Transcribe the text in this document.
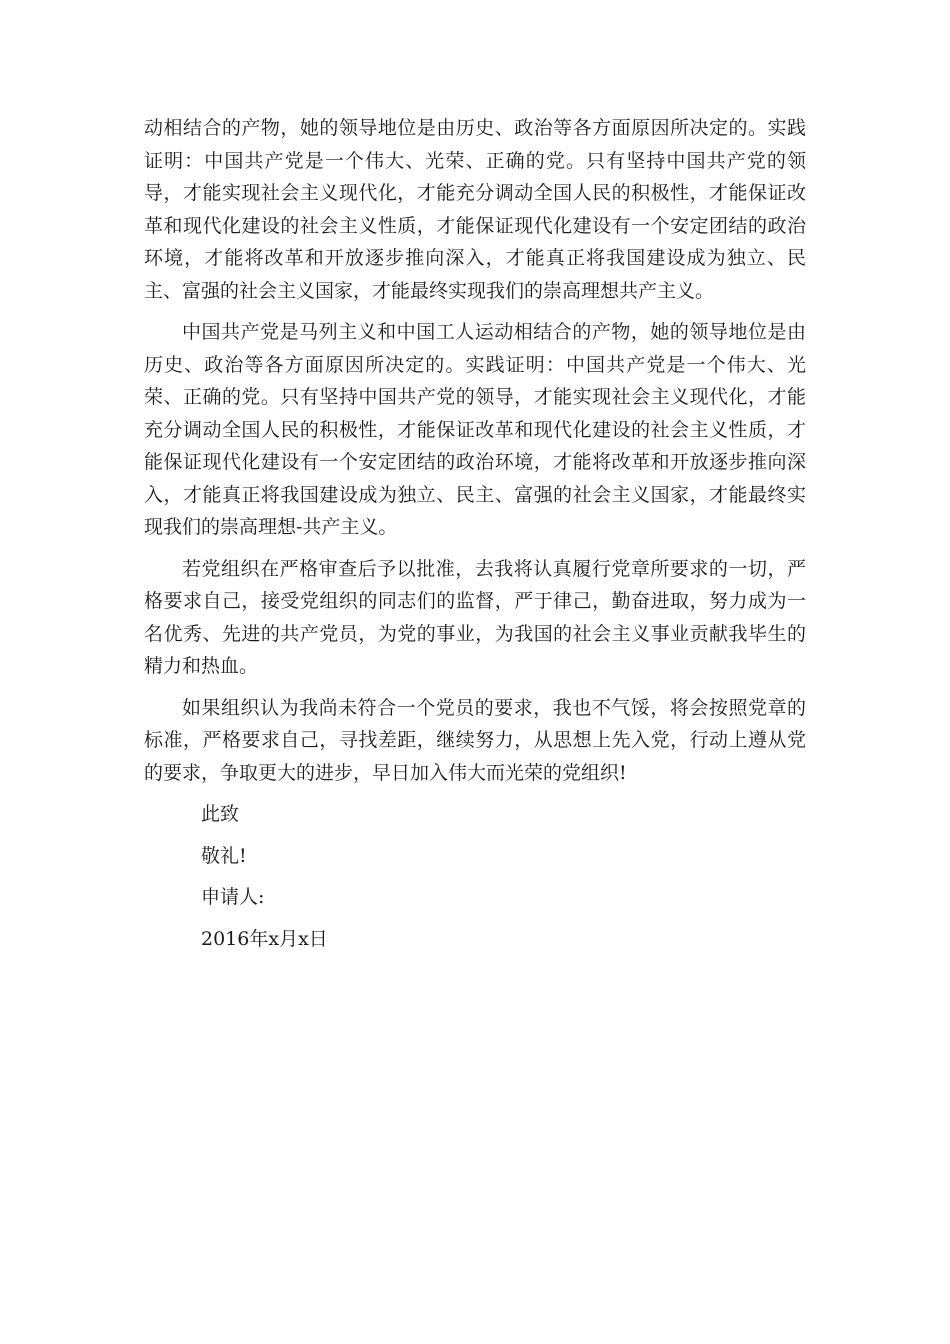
动相结合的产物，她的领导地位是由历史、政治等各方面原因所决定的。实践证明：中国共产党是一个伟大、光荣、正确的党。只有坚持中国共产党的领导，才能实现社会主义现代化，才能充分调动全国人民的积极性，才能保证改革和现代化建设的社会主义性质，才能保证现代化建设有一个安定团结的政治环境，才能将改革和开放逐步推向深入，才能真正将我国建设成为独立、民主、富强的社会主义国家，才能最终实现我们的崇高理想共产主义。

中国共产党是马列主义和中国工人运动相结合的产物，她的领导地位是由历史、政治等各方面原因所决定的。实践证明：中国共产党是一个伟大、光荣、正确的党。只有坚持中国共产党的领导，才能实现社会主义现代化，才能充分调动全国人民的积极性，才能保证改革和现代化建设的社会主义性质，才能保证现代化建设有一个安定团结的政治环境，才能将改革和开放逐步推向深入，才能真正将我国建设成为独立、民主、富强的社会主义国家，才能最终实现我们的崇高理想-共产主义。

若党组织在严格审查后予以批准，去我将认真履行党章所要求的一切，严格要求自己，接受党组织的同志们的监督，严于律己，勤奋进取，努力成为一名优秀、先进的共产党员，为党的事业，为我国的社会主义事业贡献我毕生的精力和热血。

如果组织认为我尚未符合一个党员的要求，我也不气馁，将会按照党章的标准，严格要求自己，寻找差距，继续努力，从思想上先入党，行动上遵从党的要求，争取更大的进步，早日加入伟大而光荣的党组织!

此致

敬礼!

申请人:

2016年x月x日
